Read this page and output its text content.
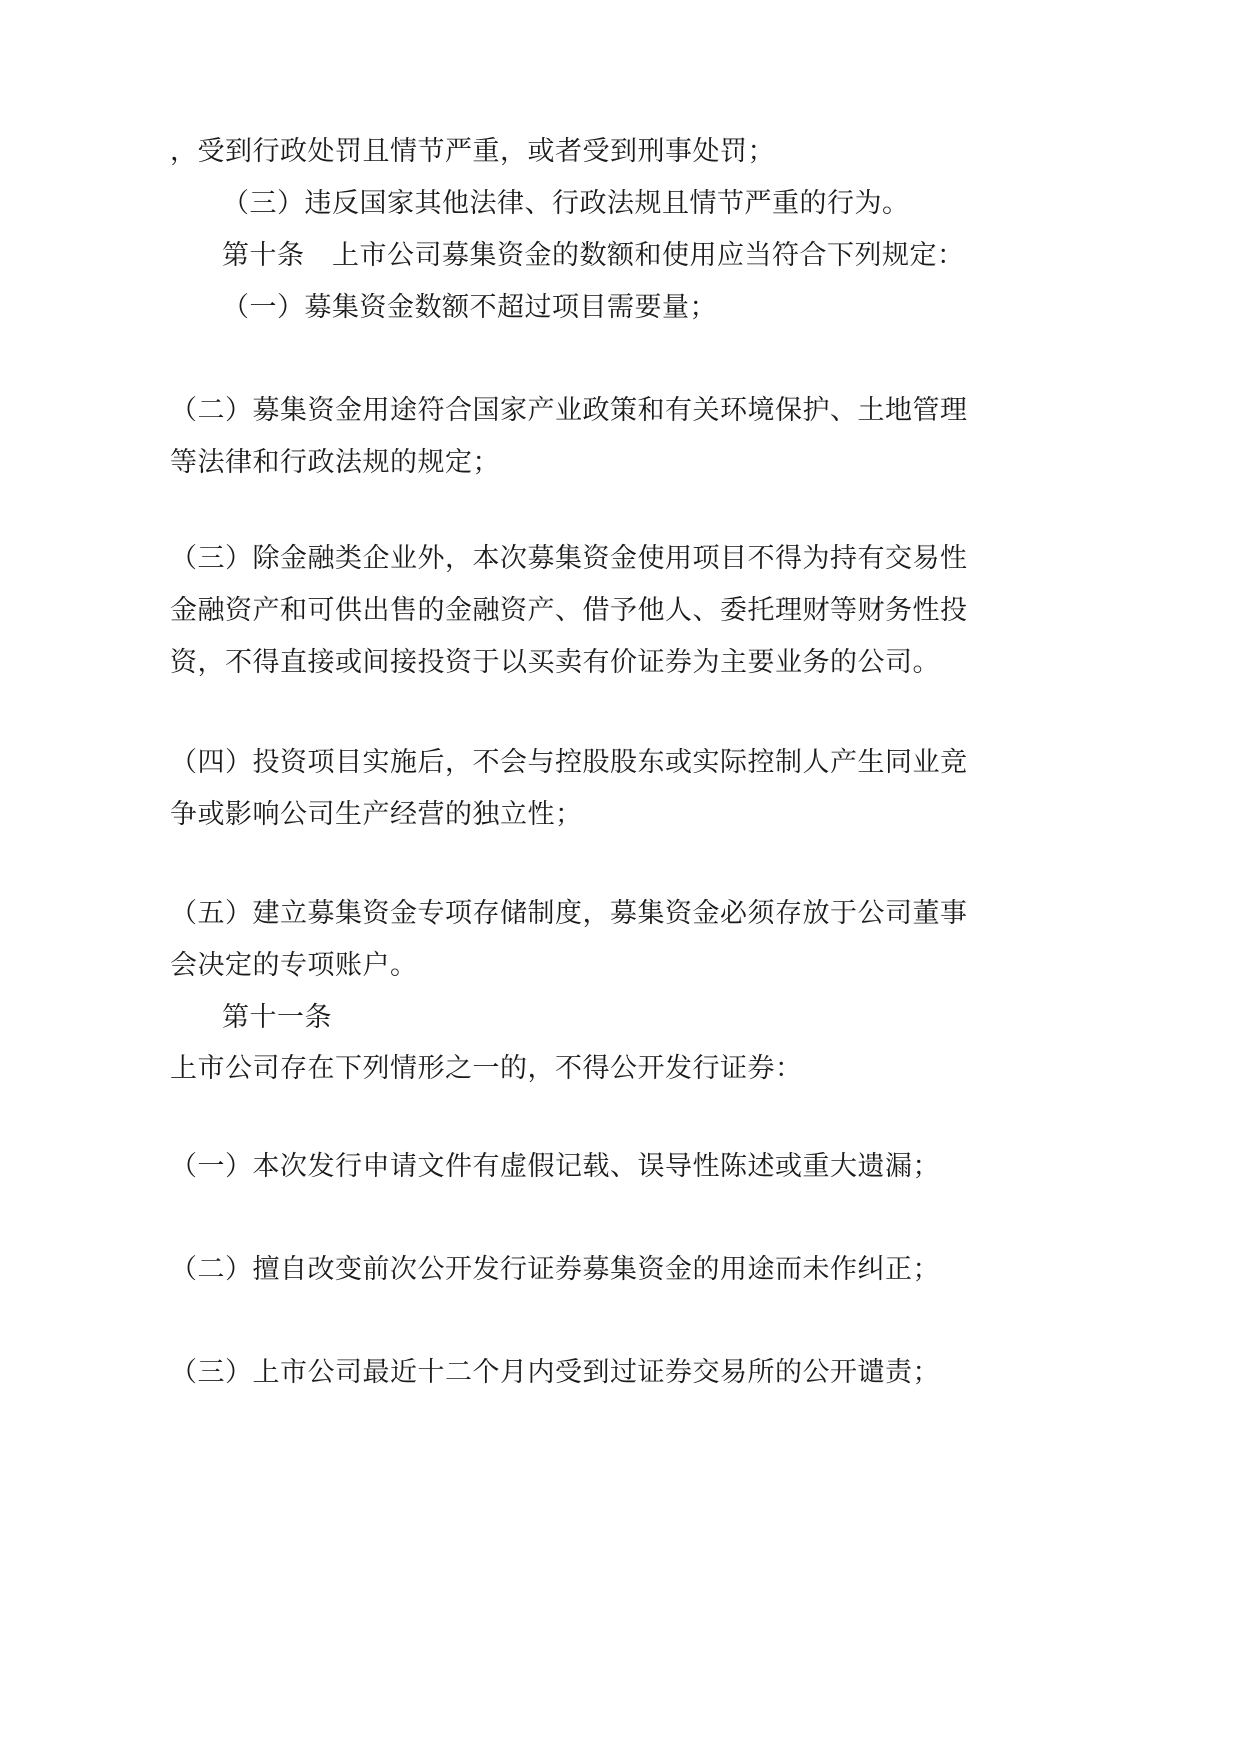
，受到行政处罚且情节严重，或者受到刑事处罚；
（三）违反国家其他法律、行政法规且情节严重的行为。
第十条　上市公司募集资金的数额和使用应当符合下列规定：
（一）募集资金数额不超过项目需要量；
（二）募集资金用途符合国家产业政策和有关环境保护、土地管理
等法律和行政法规的规定；
（三）除金融类企业外，本次募集资金使用项目不得为持有交易性
金融资产和可供出售的金融资产、借予他人、委托理财等财务性投
资，不得直接或间接投资于以买卖有价证券为主要业务的公司。
（四）投资项目实施后，不会与控股股东或实际控制人产生同业竞
争或影响公司生产经营的独立性；
（五）建立募集资金专项存储制度，募集资金必须存放于公司董事
会决定的专项账户。
第十一条
上市公司存在下列情形之一的，不得公开发行证券：
（一）本次发行申请文件有虚假记载、误导性陈述或重大遗漏；
（二）擅自改变前次公开发行证券募集资金的用途而未作纠正；
（三）上市公司最近十二个月内受到过证券交易所的公开谴责；
